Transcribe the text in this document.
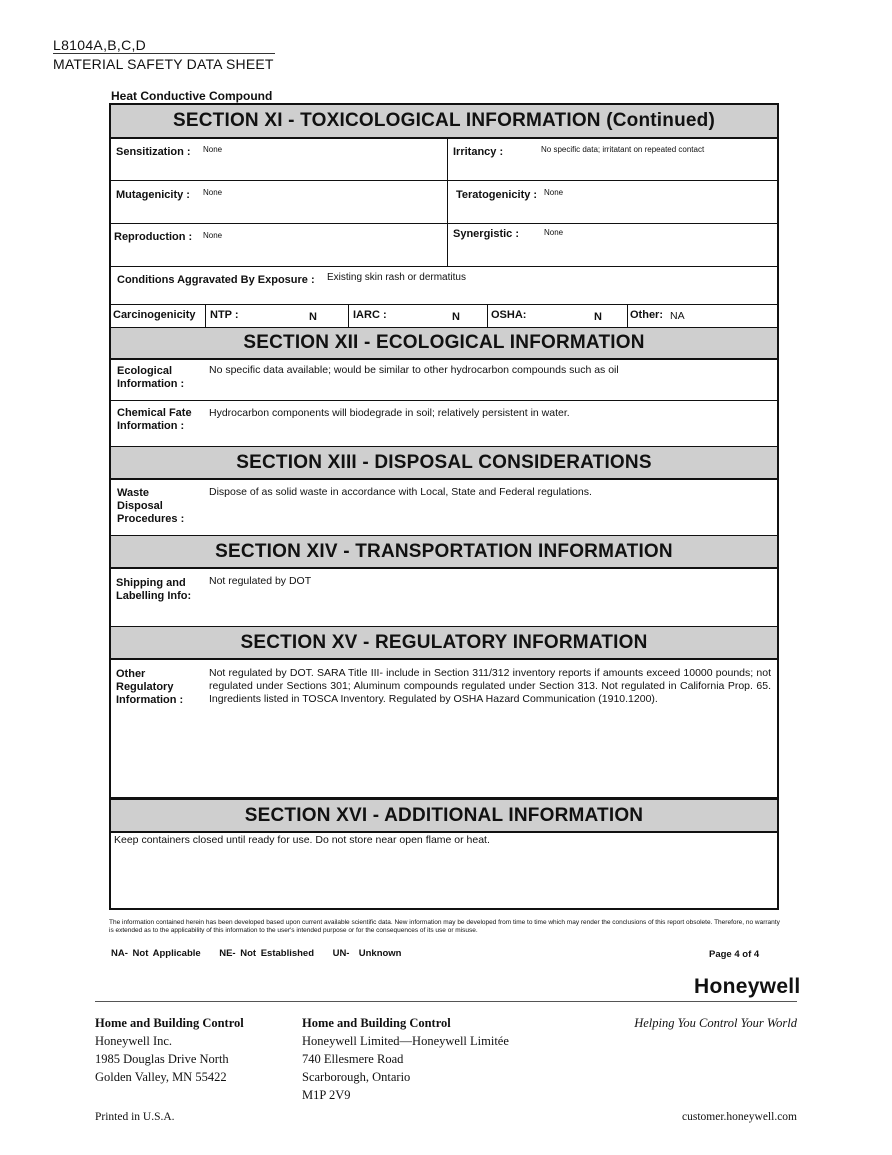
L8104A,B,C,D
MATERIAL SAFETY DATA SHEET
Heat Conductive Compound
SECTION XI - TOXICOLOGICAL INFORMATION (Continued)
Sensitization : None	Irritancy :	No specific data; irritatant on repeated contact
Mutagenicity : None	Teratogenicity : None
Reproduction : None	Synergistic :	None
Conditions Aggravated By Exposure : Existing skin rash or dermatitus
Carcinogenicity NTP :	N	IARC :	N	OSHA:	N	Other: NA
SECTION XII - ECOLOGICAL INFORMATION
Ecological Information :
No specific data available; would be similar to other hydrocarbon compounds such as oil
Chemical Fate Information :
Hydrocarbon components will biodegrade in soil; relatively persistent in water.
SECTION XIII - DISPOSAL CONSIDERATIONS
Waste Disposal Procedures :
Dispose of as solid waste in accordance with Local, State and Federal regulations.
SECTION XIV - TRANSPORTATION INFORMATION
Shipping and Labelling Info:
Not regulated by DOT
SECTION XV - REGULATORY INFORMATION
Other Regulatory Information :
Not regulated by DOT. SARA Title III- include in Section 311/312 inventory reports if amounts exceed 10000 pounds; not regulated under Sections 301; Aluminum compounds regulated under Section 313. Not regulated in California Prop. 65. Ingredients listed in TOSCA Inventory. Regulated by OSHA Hazard Communication (1910.1200).
SECTION XVI - ADDITIONAL INFORMATION
Keep containers closed until ready for use. Do not store near open flame or heat.
The information contained herein has been developed based upon current available scientific data. New information may be developed from time to time which may render the conclusions of this report obsolete. Therefore, no warranty is extended as to the applicability of this information to the user's intended purpose or for the consequences of its use or misuse.
NA- Not Applicable    NE- Not Established    UN-  Unknown	Page 4 of 4
Honeywell
Home and Building Control
Honeywell Inc.
1985 Douglas Drive North
Golden Valley, MN 55422
Home and Building Control
Honeywell Limited—Honeywell Limitée
740 Ellesmere Road
Scarborough, Ontario
M1P 2V9
Helping You Control Your World
Printed in U.S.A.	customer.honeywell.com
